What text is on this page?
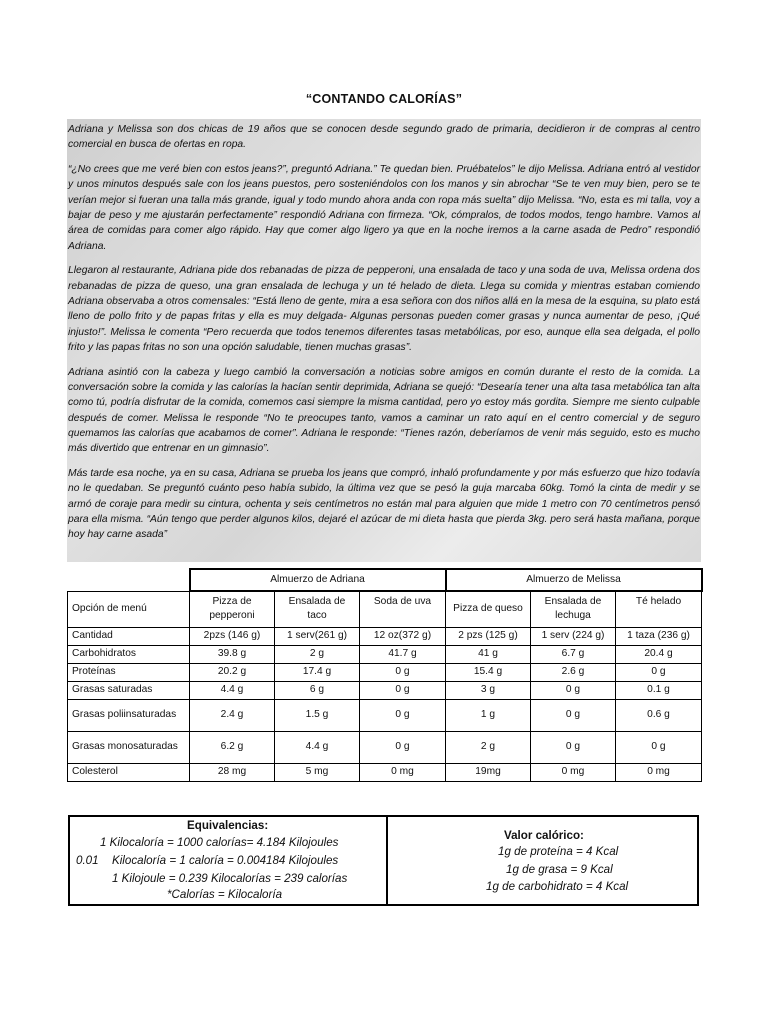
“CONTANDO CALORÍAS”

Adriana y Melissa son dos chicas de 19 años que se conocen desde segundo grado de primaria, decidieron ir de compras al centro comercial en busca de ofertas en ropa.

“¿No crees que me veré bien con estos jeans?”, preguntó Adriana.” Te quedan bien. Pruébatelos” le dijo Melissa. Adriana entró al vestidor y unos minutos después sale con los jeans puestos, pero sosteniéndolos con los manos y sin abrochar “Se te ven muy bien, pero se te verían mejor si fueran una talla más grande, igual y todo mundo ahora anda con ropa más suelta” dijo Melissa. “No, esta es mi talla, voy a bajar de peso y me ajustarán perfectamente” respondió Adriana con firmeza. “Ok, cómpralos, de todos modos, tengo hambre. Vamos al área de comidas para comer algo rápido. Hay que comer algo ligero ya que en la noche iremos a la carne asada de Pedro” respondió Adriana.

Llegaron al restaurante, Adriana pide dos rebanadas de pizza de pepperoni, una ensalada de taco y una soda de uva, Melissa ordena dos rebanadas de pizza de queso, una gran ensalada de lechuga y un té helado de dieta. Llega su comida y mientras estaban comiendo Adriana observaba a otros comensales: “Está lleno de gente, mira a esa señora con dos niños allá en la mesa de la esquina, su plato está lleno de pollo frito y de papas fritas y ella es muy delgada- Algunas personas pueden comer grasas y nunca aumentar de peso, ¡Qué injusto!”. Melissa le comenta “Pero recuerda que todos tenemos diferentes tasas metabólicas, por eso, aunque ella sea delgada, el pollo frito y las papas fritas no son una opción saludable, tienen muchas grasas”.

Adriana asintió con la cabeza y luego cambió la conversación a noticias sobre amigos en común durante el resto de la comida. La conversación sobre la comida y las calorías la hacían sentir deprimida, Adriana se quejó: “Desearía tener una alta tasa metabólica tan alta como tú, podría disfrutar de la comida, comemos casi siempre la misma cantidad, pero yo estoy más gordita. Siempre me siento culpable después de comer. Melissa le responde “No te preocupes tanto, vamos a caminar un rato aquí en el centro comercial y de seguro quemamos las calorías que acabamos de comer”. Adriana le responde: “Tienes razón, deberíamos de venir más seguido, esto es mucho más divertido que entrenar en un gimnasio”.

Más tarde esa noche, ya en su casa, Adriana se prueba los jeans que compró, inhaló profundamente y por más esfuerzo que hizo todavía no le quedaban. Se preguntó cuánto peso había subido, la última vez que se pesó la guja marcaba 60kg. Tomó la cinta de medir y se armó de coraje para medir su cintura, ochenta y seis centímetros no están mal para alguien que mide 1 metro con 70 centímetros pensó para ella misma. “Aún tengo que perder algunos kilos, dejaré el azúcar de mi dieta hasta que pierda 3kg. pero será hasta mañana, porque hoy hay carne asada”

	Almuerzo de Adriana			Almuerzo de Melissa		
Opción de menú	Pizza de pepperoni	Ensalada de taco	Soda de uva	Pizza de queso	Ensalada de lechuga	Té helado
Cantidad	2pzs (146 g)	1 serv(261 g)	12 oz(372 g)	2 pzs (125 g)	1 serv (224 g)	1 taza (236 g)
Carbohidratos	39.8 g	2 g	41.7 g	41 g	6.7 g	20.4 g
Proteínas	20.2 g	17.4 g	0 g	15.4 g	2.6 g	0 g
Grasas saturadas	4.4 g	6 g	0 g	3 g	0 g	0.1 g
Grasas poliinsaturadas	2.4 g	1.5 g	0 g	1 g	0 g	0.6 g
Grasas monosaturadas	6.2 g	4.4 g	0 g	2 g	0 g	0 g
Colesterol	28 mg	5 mg	0 mg	19mg	0 mg	0 mg
Equivalencias:
1 Kilocaloría = 1000 calorías= 4.184 Kilojoules
0.01 Kilocaloría = 1 caloría = 0.004184 Kilojoules
1 Kilojoule = 0.239 Kilocalorías = 239 calorías
*Calorías = Kilocaloría
Valor calórico:
1g de proteína = 4 Kcal
1g de grasa = 9 Kcal
1g de carbohidrato = 4 Kcal
